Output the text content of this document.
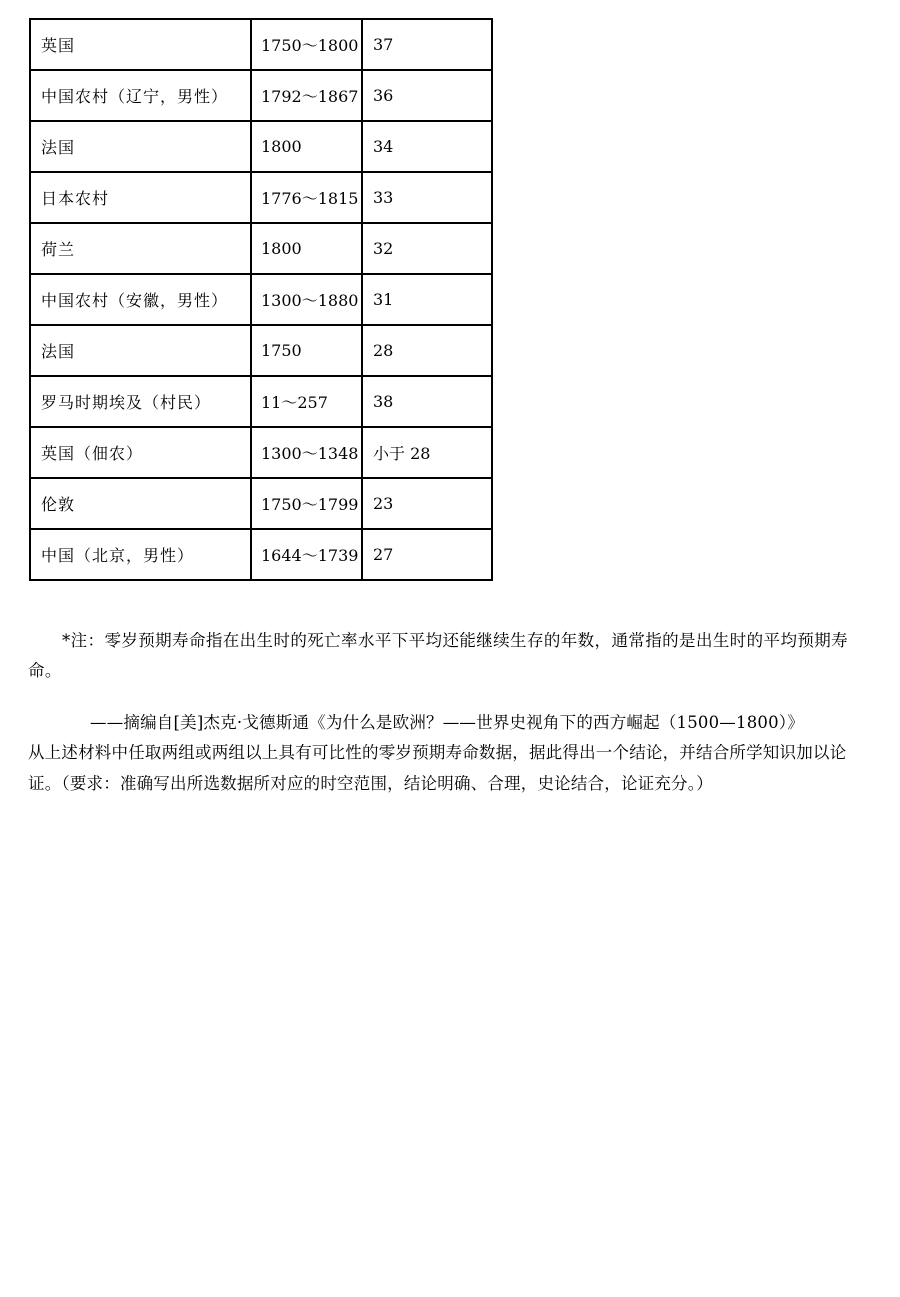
英国	1750～1800	37
中国农村（辽宁，男性）	1792～1867	36
法国	1800	34
日本农村	1776～1815	33
荷兰	1800	32
中国农村（安徽，男性）	1300～1880	31
法国	1750	28
罗马时期埃及（村民）	11～257	38
英国（佃农）	1300～1348	小于 28
伦敦	1750～1799	23
中国（北京，男性）	1644～1739	27

*注：零岁预期寿命指在出生时的死亡率水平下平均还能继续生存的年数，通常指的是出生时的平均预期寿命。

——摘编自[美]杰克·戈德斯通《为什么是欧洲？——世界史视角下的西方崛起（1500—1800）》

从上述材料中任取两组或两组以上具有可比性的零岁预期寿命数据，据此得出一个结论，并结合所学知识加以论证。（要求：准确写出所选数据所对应的时空范围，结论明确、合理，史论结合，论证充分。）
